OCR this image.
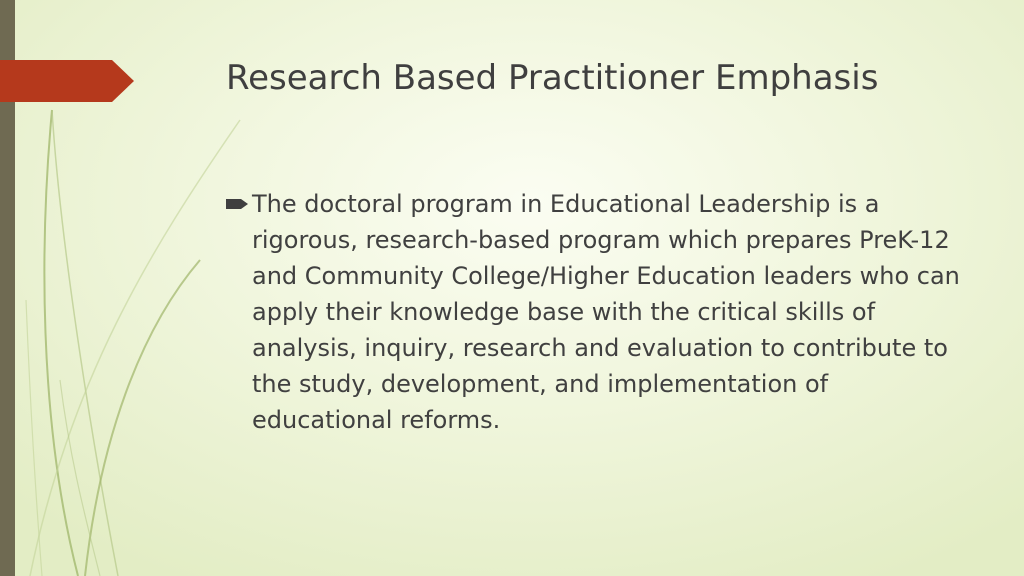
Research Based Practitioner Emphasis
The doctoral program in Educational Leadership is a rigorous, research-based program which prepares PreK-12 and Community College/Higher Education leaders who can apply their knowledge base with the critical skills of analysis, inquiry, research and evaluation to contribute to the study, development, and implementation of educational reforms.
